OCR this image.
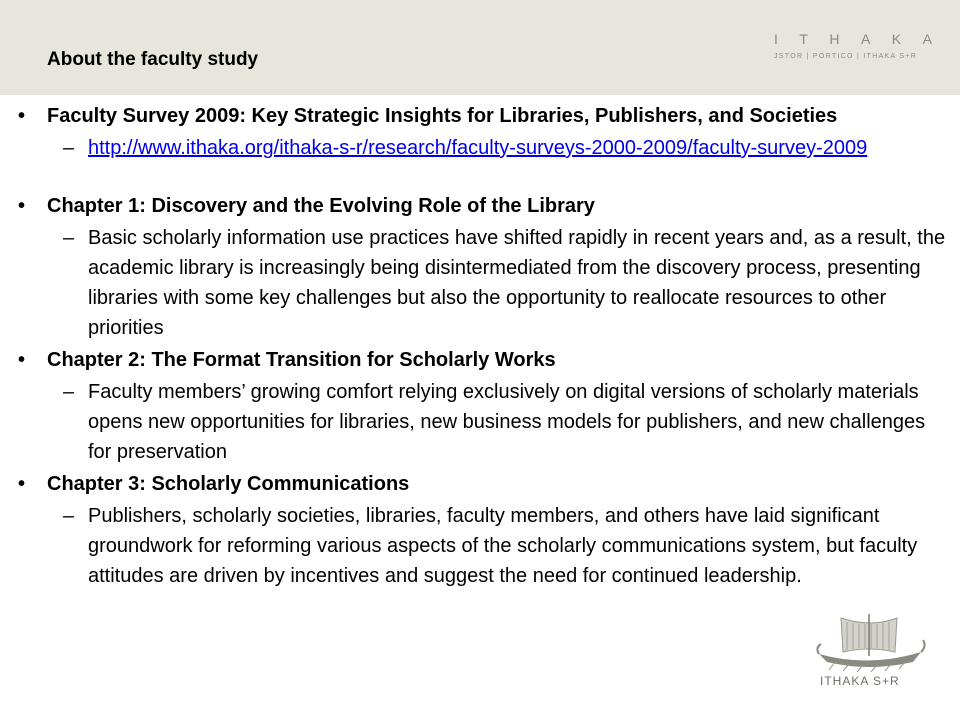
About the faculty study
I T H A K A
JSTOR | PORTICO | ITHAKA S+R
• Faculty Survey 2009: Key Strategic Insights for Libraries, Publishers, and Societies
– http://www.ithaka.org/ithaka-s-r/research/faculty-surveys-2000-2009/faculty-survey-2009
• Chapter 1: Discovery and the Evolving Role of the Library
– Basic scholarly information use practices have shifted rapidly in recent years and, as a result, the academic library is increasingly being disintermediated from the discovery process, presenting libraries with some key challenges but also the opportunity to reallocate resources to other priorities
• Chapter 2: The Format Transition for Scholarly Works
– Faculty members’ growing comfort relying exclusively on digital versions of scholarly materials opens new opportunities for libraries, new business models for publishers, and new challenges for preservation
• Chapter 3: Scholarly Communications
– Publishers, scholarly societies, libraries, faculty members, and others have laid significant groundwork for reforming various aspects of the scholarly communications system, but faculty attitudes are driven by incentives and suggest the need for continued leadership.
ITHAKA S+R
